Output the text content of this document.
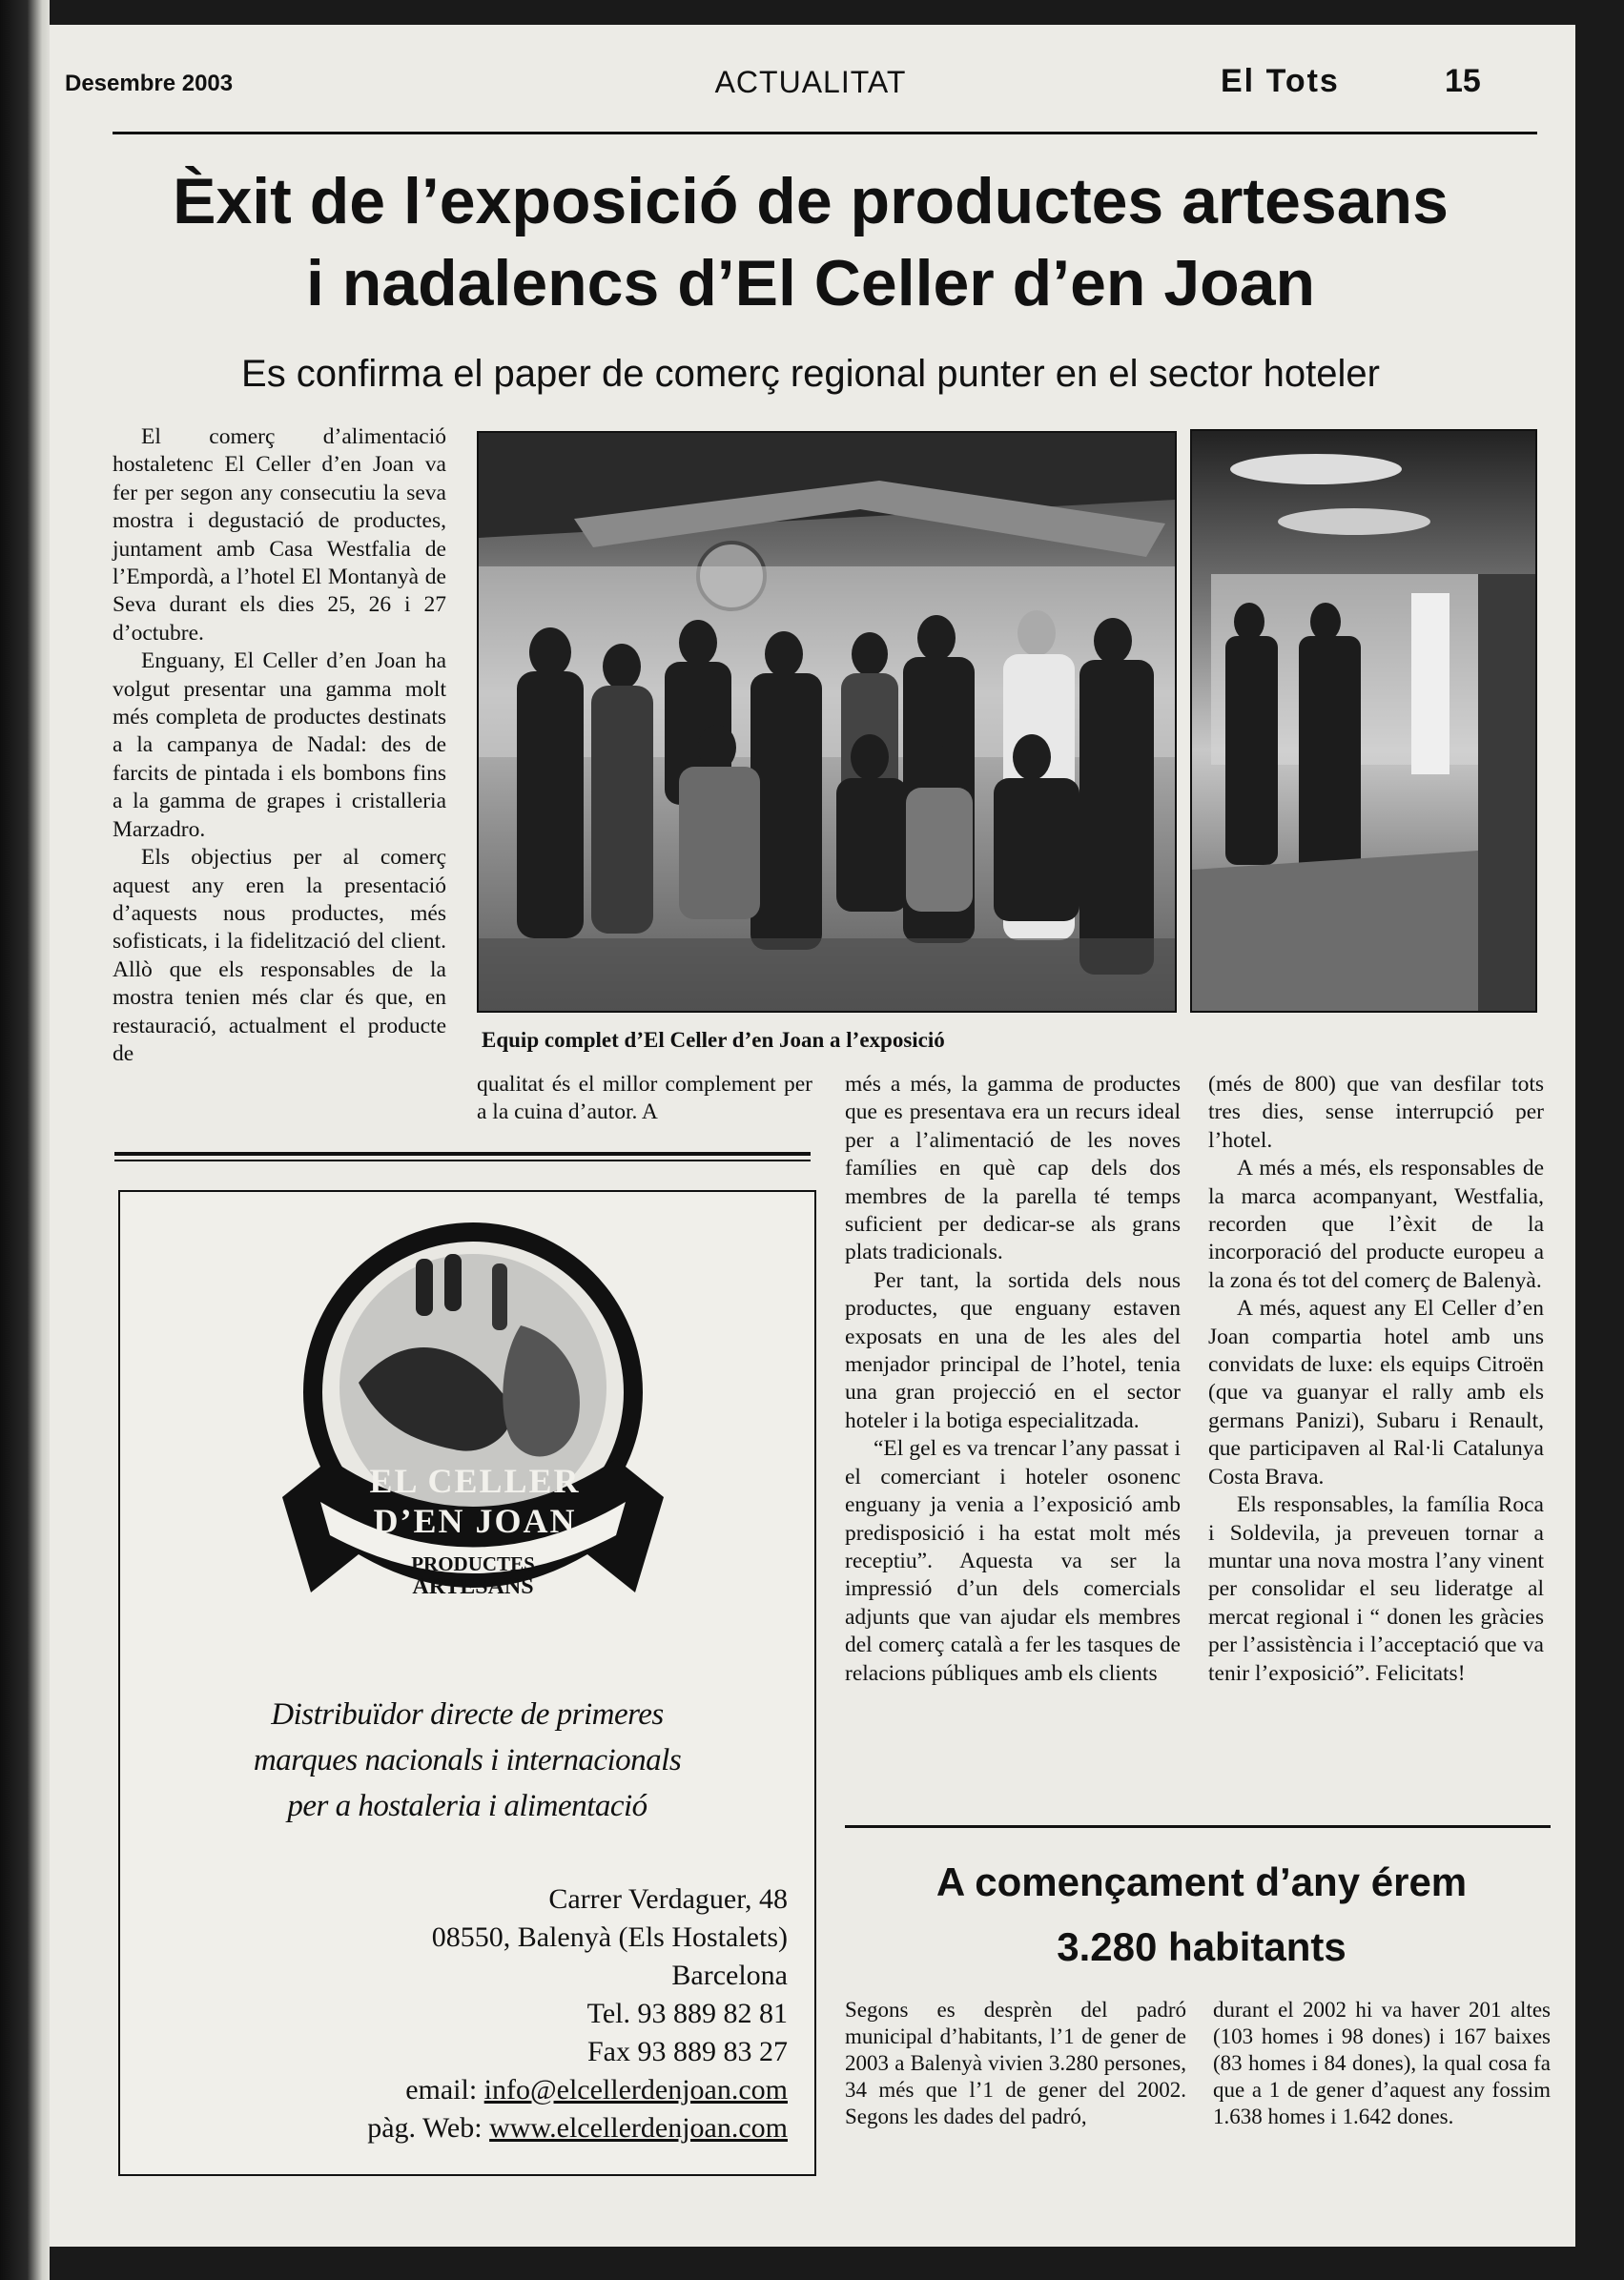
Desembre 2003	ACTUALITAT	El Tots	15
Èxit de l’exposició de productes artesans
i nadalencs d’El Celler d’en Joan
Es confirma el paper de comerç regional punter en el sector hoteler

El comerç d’alimentació hostaletenc El Celler d’en Joan va fer per segon any consecutiu la seva mostra i degustació de productes, juntament amb Casa Westfalia de l’Empordà, a l’hotel El Montanyà de Seva durant els dies 25, 26 i 27 d’octubre.

Enguany, El Celler d’en Joan ha volgut presentar una gamma molt més completa de productes destinats a la campanya de Nadal: des de farcits de pintada i els bombons fins a la gamma de grapes i cristalleria Marzadro.

Els objectius per al comerç aquest any eren la presentació d’aquests nous productes, més sofisticats, i la fidelització del client. Allò que els responsables de la mostra tenien més clar és que, en restauració, actualment el producte de

Equip complet d’El Celler d’en Joan a l’exposició

qualitat és el millor complement per a la cuina d’autor. A

més a més, la gamma de productes que es presentava era un recurs ideal per a l’alimentació de les noves famílies en què cap dels dos membres de la parella té temps suficient per dedicar-se als grans plats tradicionals.

Per tant, la sortida dels nous productes, que enguany estaven exposats en una de les ales del menjador principal de l’hotel, tenia una gran projecció en el sector hoteler i la botiga especialitzada.

“El gel es va trencar l’any passat i el comerciant i hoteler osonenc enguany ja venia a l’exposició amb predisposició i ha estat molt més receptiu”. Aquesta va ser la impressió d’un dels comercials adjunts que van ajudar els membres del comerç català a fer les tasques de relacions públiques amb els clients

(més de 800) que van desfilar tots tres dies, sense interrupció per l’hotel.

A més a més, els responsables de la marca acompanyant, Westfalia, recorden que l’èxit de la incorporació del producte europeu a la zona és tot del comerç de Balenyà.

A més, aquest any El Celler d’en Joan compartia hotel amb uns convidats de luxe: els equips Citroën (que va guanyar el rally amb els germans Panizi), Subaru i Renault, que participaven al Ral·li Catalunya Costa Brava.

Els responsables, la família Roca i Soldevila, ja preveuen tornar a muntar una nova mostra l’any vinent per consolidar el seu lideratge al mercat regional i “ donen les gràcies per l’assistència i l’acceptació que va tenir l’exposició”. Felicitats!

EL CELLER D’EN JOAN
PRODUCTES
ARTESANS
Distribuïdor directe de primeres
marques nacionals i internacionals
per a hostaleria i alimentació
Carrer Verdaguer, 48
08550, Balenyà (Els Hostalets)
Barcelona
Tel. 93 889 82 81
Fax 93 889 83 27
email: info@elcellerdenjoan.com
pàg. Web: www.elcellerdenjoan.com
A començament d’any érem
3.280 habitants
Segons es desprèn del padró municipal d’habitants, l’1 de gener de 2003 a Balenyà vivien 3.280 persones, 34 més que l’1 de gener del 2002. Segons les dades del padró,
durant el 2002 hi va haver 201 altes (103 homes i 98 dones) i 167 baixes (83 homes i 84 dones), la qual cosa fa que a 1 de gener d’aquest any fossim 1.638 homes i 1.642 dones.
